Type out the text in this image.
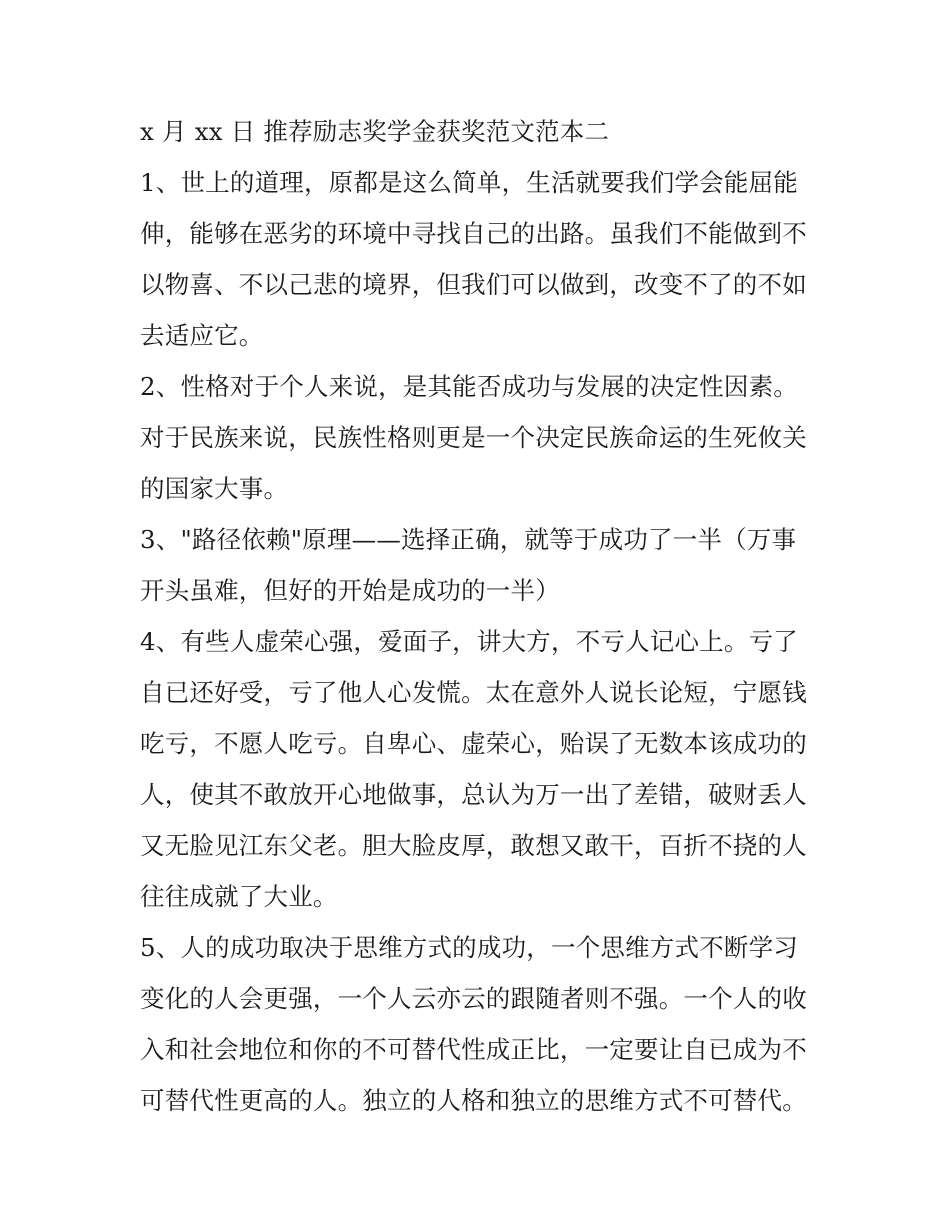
x 月 xx 日 推荐励志奖学金获奖范文范本二

1、世上的道理，原都是这么简单，生活就要我们学会能屈能伸，能够在恶劣的环境中寻找自己的出路。虽我们不能做到不以物喜、不以己悲的境界，但我们可以做到，改变不了的不如去适应它。

2、性格对于个人来说，是其能否成功与发展的决定性因素。对于民族来说，民族性格则更是一个决定民族命运的生死攸关的国家大事。

3、"路径依赖"原理——选择正确，就等于成功了一半（万事开头虽难，但好的开始是成功的一半）

4、有些人虚荣心强，爱面子，讲大方，不亏人记心上。亏了自已还好受，亏了他人心发慌。太在意外人说长论短，宁愿钱吃亏，不愿人吃亏。自卑心、虚荣心，贻误了无数本该成功的人，使其不敢放开心地做事，总认为万一出了差错，破财丢人又无脸见江东父老。胆大脸皮厚，敢想又敢干，百折不挠的人往往成就了大业。

5、人的成功取决于思维方式的成功，一个思维方式不断学习变化的人会更强，一个人云亦云的跟随者则不强。一个人的收入和社会地位和你的不可替代性成正比，一定要让自已成为不可替代性更高的人。独立的人格和独立的思维方式不可替代。
